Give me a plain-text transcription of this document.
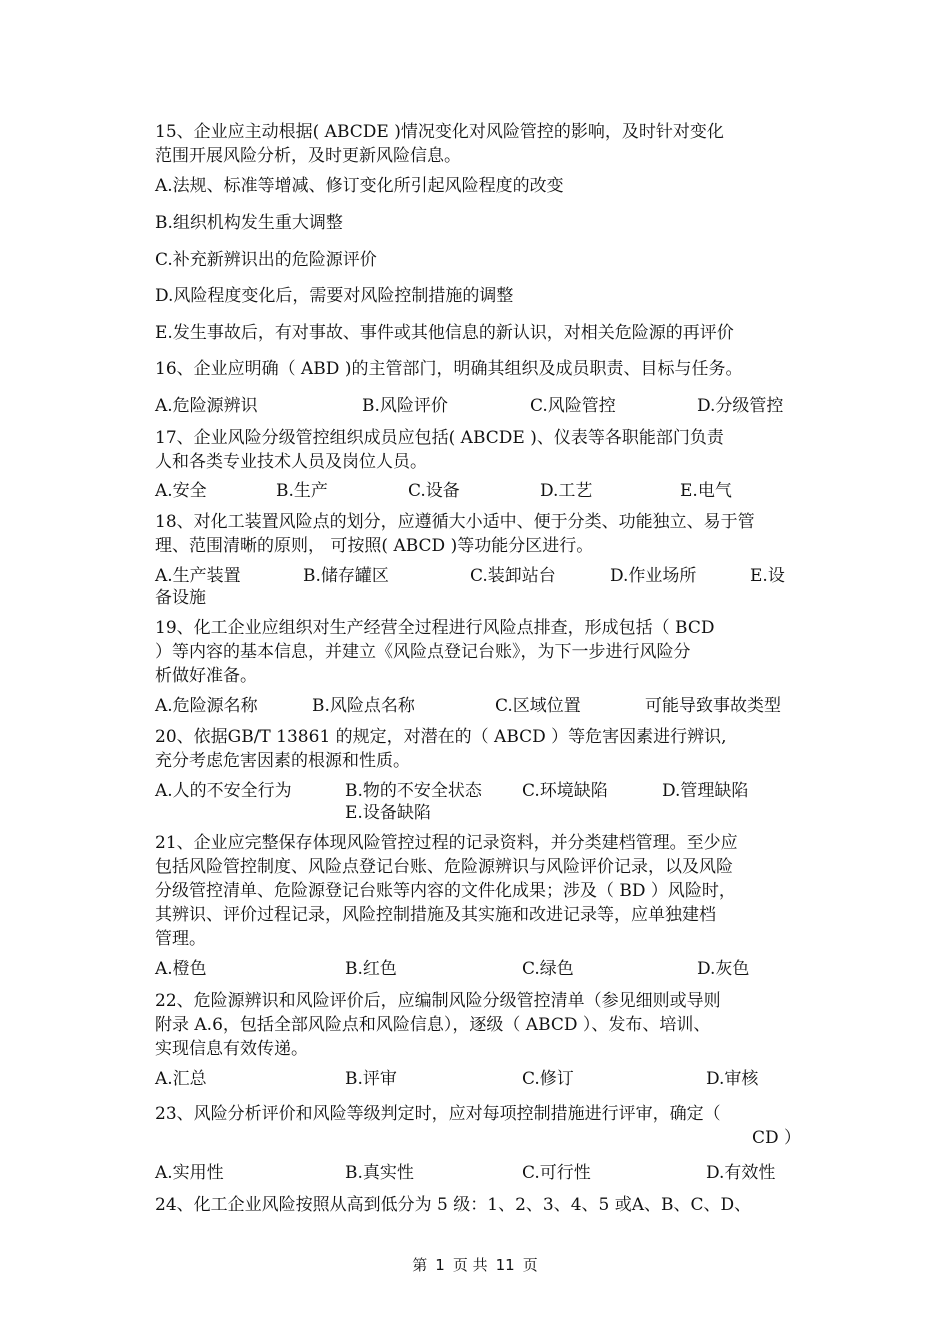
15、企业应主动根据( ABCDE )情况变化对风险管控的影响，及时针对变化
范围开展风险分析，及时更新风险信息。
A.法规、标准等增减、修订变化所引起风险程度的改变
B.组织机构发生重大调整
C.补充新辨识出的危险源评价
D.风险程度变化后，需要对风险控制措施的调整
E.发生事故后，有对事故、事件或其他信息的新认识，对相关危险源的再评价
16、企业应明确（ ABD )的主管部门，明确其组织及成员职责、目标与任务。
A.危险源辨识	B.风险评价	C.风险管控	D.分级管控
17、企业风险分级管控组织成员应包括( ABCDE )、仪表等各职能部门负责
人和各类专业技术人员及岗位人员。
A.安全	B.生产	C.设备	D.工艺	E.电气
18、对化工装置风险点的划分，应遵循大小适中、便于分类、功能独立、易于管
理、范围清晰的原则， 可按照( ABCD )等功能分区进行。
A.生产装置	B.储存罐区	C.装卸站台	D.作业场所	E.设
备设施
19、化工企业应组织对生产经营全过程进行风险点排查，形成包括（ BCD
）等内容的基本信息，并建立《风险点登记台账》，为下一步进行风险分
析做好准备。
A.危险源名称	B.风险点名称	C.区域位置	可能导致事故类型
20、依据GB/T 13861 的规定，对潜在的（ ABCD ）等危害因素进行辨识,
充分考虑危害因素的根源和性质。
A.人的不安全行为	B.物的不安全状态 C.环境缺陷	D.管理缺陷
E.设备缺陷
21、企业应完整保存体现风险管控过程的记录资料，并分类建档管理。至少应
包括风险管控制度、风险点登记台账、危险源辨识与风险评价记录，以及风险
分级管控清单、危险源登记台账等内容的文件化成果；涉及（ BD ）风险时，
其辨识、评价过程记录，风险控制措施及其实施和改进记录等，应单独建档
管理。
A.橙色	B.红色	C.绿色	D.灰色
22、危险源辨识和风险评价后，应编制风险分级管控清单（参见细则或导则
附录 A.6，包括全部风险点和风险信息），逐级（ ABCD ）、发布、培训、
实现信息有效传递。
A.汇总	B.评审	C.修订	D.审核
23、风险分析评价和风险等级判定时，应对每项控制措施进行评审，确定（
CD ）
A.实用性	B.真实性	C.可行性	D.有效性
24、化工企业风险按照从高到低分为 5 级：1、2、3、4、5 或A、B、C、D、
第 1 页 共 11 页
